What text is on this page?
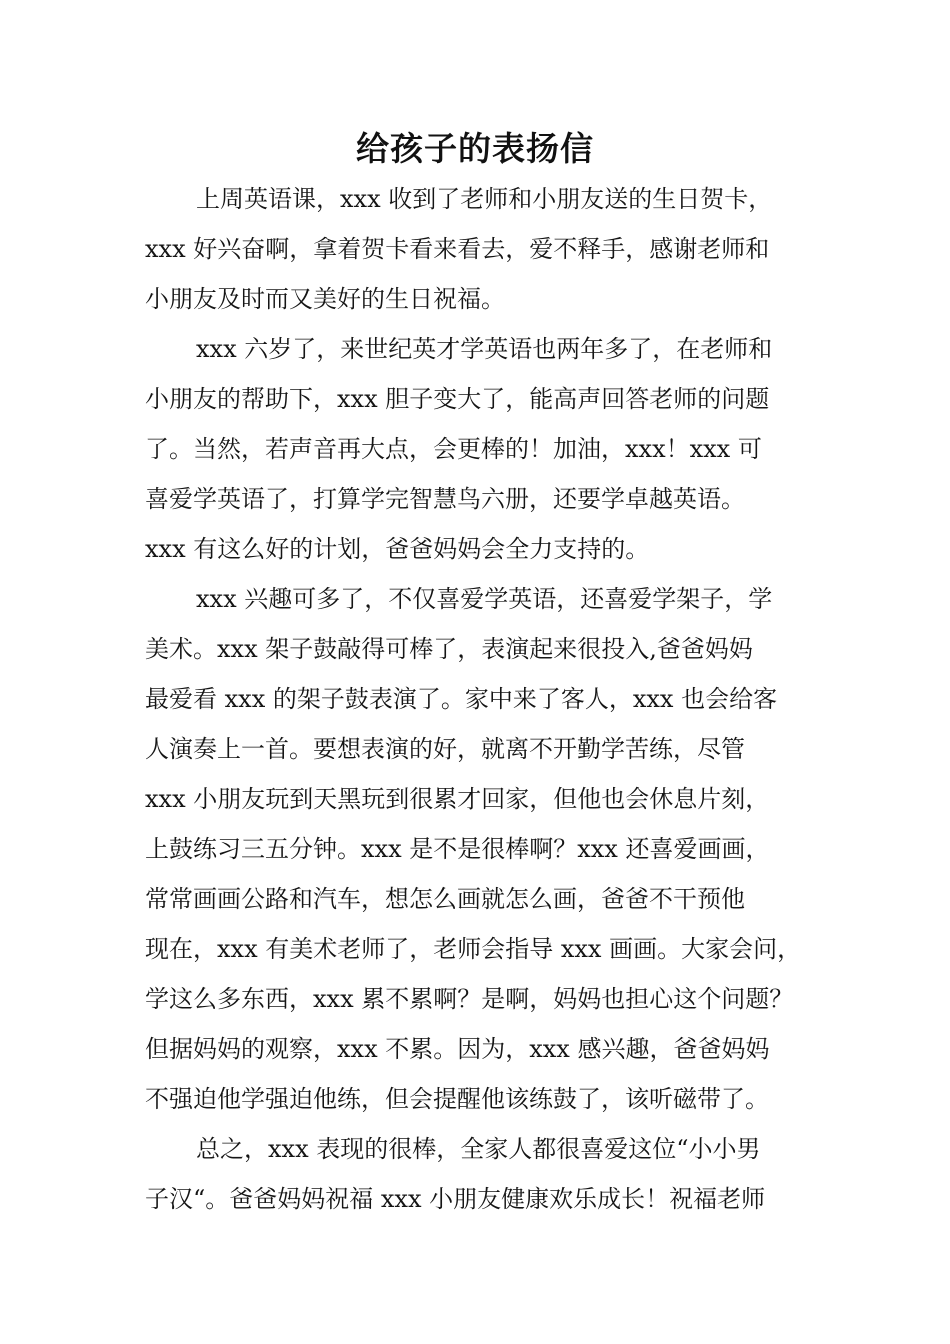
给孩子的表扬信
上周英语课，xxx 收到了老师和小朋友送的生日贺卡，
xxx 好兴奋啊，拿着贺卡看来看去，爱不释手，感谢老师和
小朋友及时而又美好的生日祝福。
xxx 六岁了，来世纪英才学英语也两年多了，在老师和
小朋友的帮助下，xxx 胆子变大了，能高声回答老师的问题
了。当然，若声音再大点，会更棒的！加油，xxx！xxx 可
喜爱学英语了，打算学完智慧鸟六册，还要学卓越英语。
xxx 有这么好的计划，爸爸妈妈会全力支持的。
xxx 兴趣可多了，不仅喜爱学英语，还喜爱学架子，学
美术。xxx 架子鼓敲得可棒了，表演起来很投入,爸爸妈妈
最爱看 xxx 的架子鼓表演了。家中来了客人，xxx 也会给客
人演奏上一首。要想表演的好，就离不开勤学苦练，尽管
xxx 小朋友玩到天黑玩到很累才回家，但他也会休息片刻，
上鼓练习三五分钟。xxx 是不是很棒啊？xxx 还喜爱画画，
常常画画公路和汽车，想怎么画就怎么画，爸爸不干预他
现在，xxx 有美术老师了，老师会指导 xxx 画画。大家会问，
学这么多东西，xxx 累不累啊？是啊，妈妈也担心这个问题？
但据妈妈的观察，xxx 不累。因为，xxx 感兴趣，爸爸妈妈
不强迫他学强迫他练，但会提醒他该练鼓了，该听磁带了。
总之，xxx 表现的很棒，全家人都很喜爱这位“小小男
子汉“。爸爸妈妈祝福 xxx 小朋友健康欢乐成长！祝福老师
